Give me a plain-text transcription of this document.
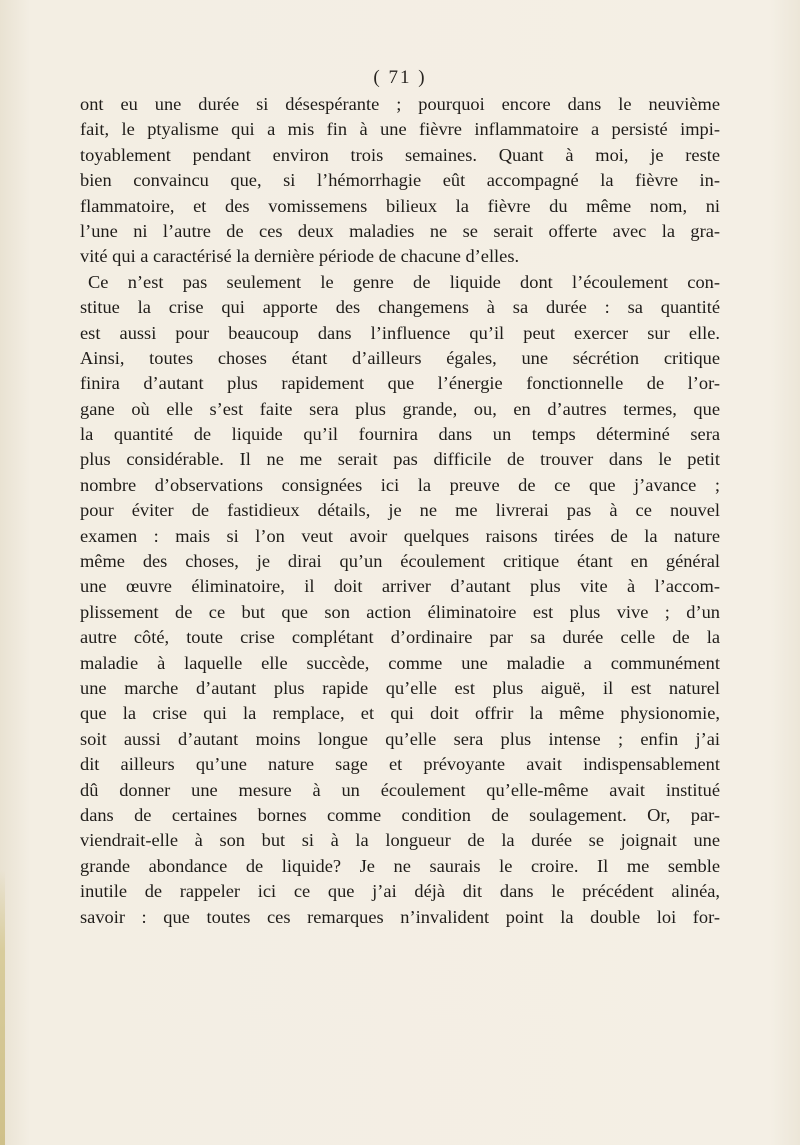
( 71 )
ont eu une durée si désespérante ; pourquoi encore dans le neuvième
fait, le ptyalisme qui a mis fin à une fièvre inflammatoire a persisté impi-
toyablement pendant environ trois semaines. Quant à moi, je reste
bien convaincu que, si l’hémorrhagie eût accompagné la fièvre in-
flammatoire, et des vomissemens bilieux la fièvre du même nom, ni
l’une ni l’autre de ces deux maladies ne se serait offerte avec la gra-
vité qui a caractérisé la dernière période de chacune d’elles.
Ce n’est pas seulement le genre de liquide dont l’écoulement con-
stitue la crise qui apporte des changemens à sa durée : sa quantité
est aussi pour beaucoup dans l’influence qu’il peut exercer sur elle.
Ainsi, toutes choses étant d’ailleurs égales, une sécrétion critique
finira d’autant plus rapidement que l’énergie fonctionnelle de l’or-
gane où elle s’est faite sera plus grande, ou, en d’autres termes, que
la quantité de liquide qu’il fournira dans un temps déterminé sera
plus considérable. Il ne me serait pas difficile de trouver dans le petit
nombre d’observations consignées ici la preuve de ce que j’avance ;
pour éviter de fastidieux détails, je ne me livrerai pas à ce nouvel
examen : mais si l’on veut avoir quelques raisons tirées de la nature
même des choses, je dirai qu’un écoulement critique étant en général
une œuvre éliminatoire, il doit arriver d’autant plus vite à l’accom-
plissement de ce but que son action éliminatoire est plus vive ; d’un
autre côté, toute crise complétant d’ordinaire par sa durée celle de la
maladie à laquelle elle succède, comme une maladie a communément
une marche d’autant plus rapide qu’elle est plus aiguë, il est naturel
que la crise qui la remplace, et qui doit offrir la même physionomie,
soit aussi d’autant moins longue qu’elle sera plus intense ; enfin j’ai
dit ailleurs qu’une nature sage et prévoyante avait indispensablement
dû donner une mesure à un écoulement qu’elle-même avait institué
dans de certaines bornes comme condition de soulagement. Or, par-
viendrait-elle à son but si à la longueur de la durée se joignait une
grande abondance de liquide? Je ne saurais le croire. Il me semble
inutile de rappeler ici ce que j’ai déjà dit dans le précédent alinéa,
savoir : que toutes ces remarques n’invalident point la double loi for-
